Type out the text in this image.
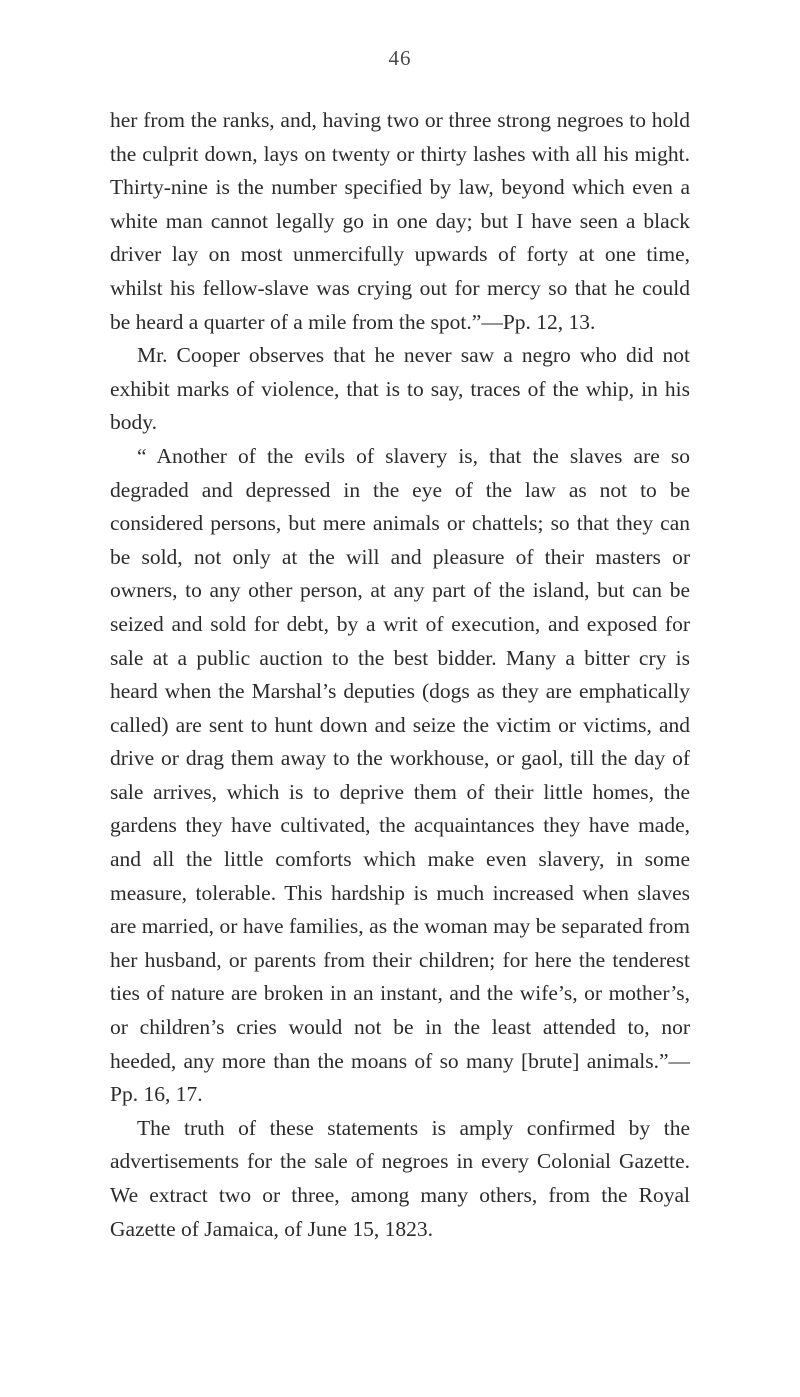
46

her from the ranks, and, having two or three strong negroes to hold the culprit down, lays on twenty or thirty lashes with all his might. Thirty-nine is the number specified by law, beyond which even a white man cannot legally go in one day; but I have seen a black driver lay on most unmercifully upwards of forty at one time, whilst his fellow-slave was crying out for mercy so that he could be heard a quarter of a mile from the spot.”—Pp. 12, 13.

Mr. Cooper observes that he never saw a negro who did not exhibit marks of violence, that is to say, traces of the whip, in his body.

“ Another of the evils of slavery is, that the slaves are so degraded and depressed in the eye of the law as not to be considered persons, but mere animals or chattels; so that they can be sold, not only at the will and pleasure of their masters or owners, to any other person, at any part of the island, but can be seized and sold for debt, by a writ of execution, and exposed for sale at a public auction to the best bidder. Many a bitter cry is heard when the Marshal’s deputies (dogs as they are emphatically called) are sent to hunt down and seize the victim or victims, and drive or drag them away to the workhouse, or gaol, till the day of sale arrives, which is to deprive them of their little homes, the gardens they have cultivated, the acquaintances they have made, and all the little comforts which make even slavery, in some measure, tolerable. This hardship is much increased when slaves are married, or have families, as the woman may be separated from her husband, or parents from their children; for here the tenderest ties of nature are broken in an instant, and the wife’s, or mother’s, or children’s cries would not be in the least attended to, nor heeded, any more than the moans of so many [brute] animals.”—Pp. 16, 17.

The truth of these statements is amply confirmed by the advertisements for the sale of negroes in every Colonial Gazette. We extract two or three, among many others, from the Royal Gazette of Jamaica, of June 15, 1823.
